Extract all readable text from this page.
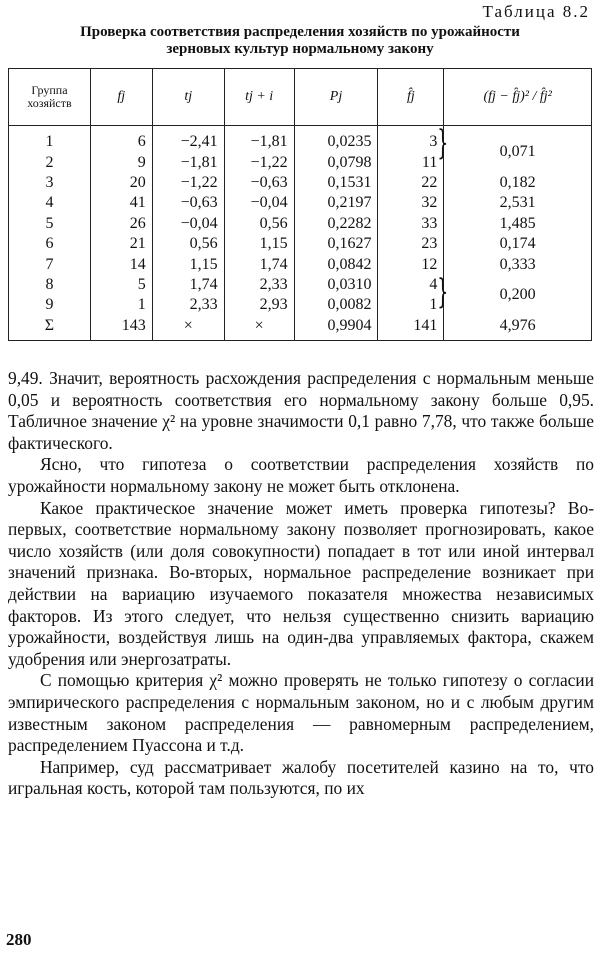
Таблица 8.2
Проверка соответствия распределения хозяйств по урожайности
зерновых культур нормальному закону
Группа хозяйств	fj	tj	tj + i	Pj	f̂j	(fj − f̂j)² / f̂j²
1	6	−2,41	−1,81	0,0235	3 }	0,071
2	9	−1,81	−1,22	0,0798	11	
3	20	−1,22	−0,63	0,1531	22	0,182
4	41	−0,63	−0,04	0,2197	32	2,531
5	26	−0,04	0,56	0,2282	33	1,485
6	21	0,56	1,15	0,1627	23	0,174
7	14	1,15	1,74	0,0842	12	0,333
8	5	1,74	2,33	0,0310	4 }	0,200
9	1	2,33	2,93	0,0082	1	
Σ	143	×	×	0,9904	141	4,976

9,49. Значит, вероятность расхождения распределения с нормальным меньше 0,05 и вероятность соответствия его нормальному закону больше 0,95. Табличное значение χ² на уровне значимости 0,1 равно 7,78, что также больше фактического.

Ясно, что гипотеза о соответствии распределения хозяйств по урожайности нормальному закону не может быть отклонена.

Какое практическое значение может иметь проверка гипотезы? Во-первых, соответствие нормальному закону позволяет прогнозировать, какое число хозяйств (или доля совокупности) попадает в тот или иной интервал значений признака. Во-вторых, нормальное распределение возникает при действии на вариацию изучаемого показателя множества независимых факторов. Из этого следует, что нельзя существенно снизить вариацию урожайности, воздействуя лишь на один-два управляемых фактора, скажем удобрения или энергозатраты.

С помощью критерия χ² можно проверять не только гипотезу о согласии эмпирического распределения с нормальным законом, но и с любым другим известным законом распределения — равномерным распределением, распределением Пуассона и т.д.

Например, суд рассматривает жалобу посетителей казино на то, что игральная кость, которой там пользуются, по их

280
